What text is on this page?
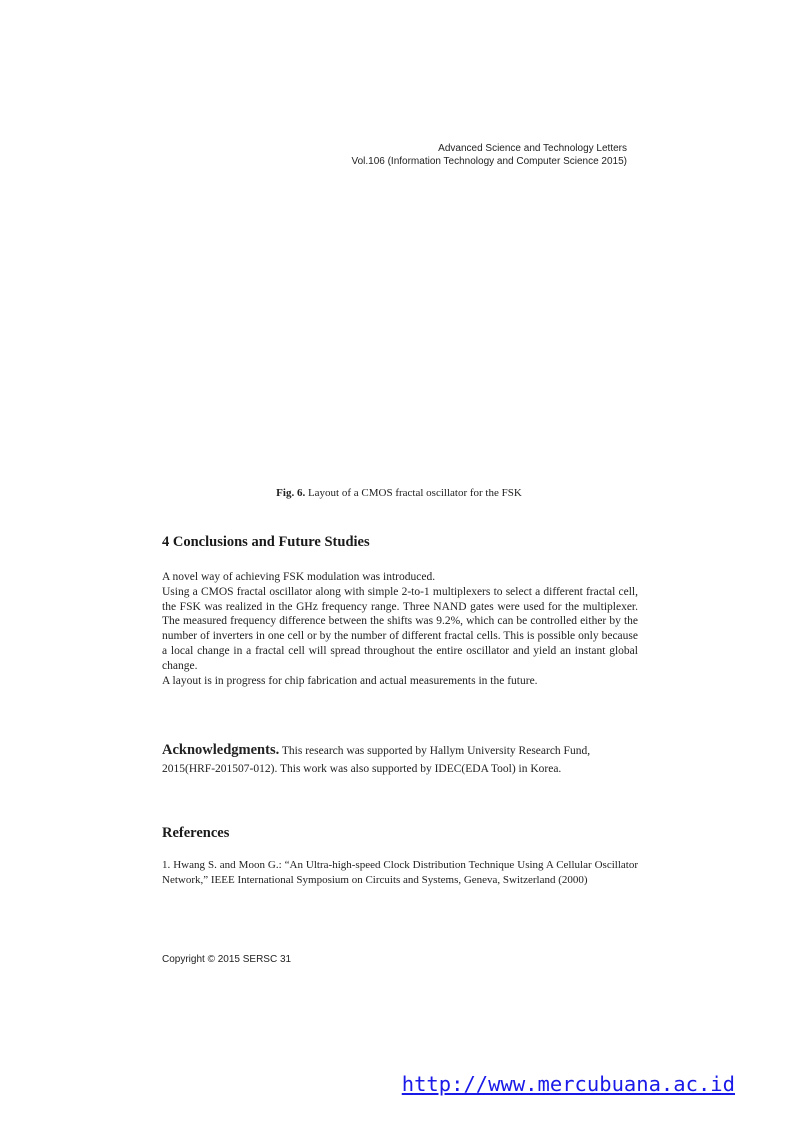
Advanced Science and Technology Letters
Vol.106 (Information Technology and Computer Science 2015)
Fig. 6. Layout of a CMOS fractal oscillator for the FSK
4 Conclusions and Future Studies

A novel way of achieving FSK modulation was introduced.

Using a CMOS fractal oscillator along with simple 2-to-1 multiplexers to select a different fractal cell, the FSK was realized in the GHz frequency range. Three NAND gates were used for the multiplexer. The measured frequency difference between the shifts was 9.2%, which can be controlled either by the number of inverters in one cell or by the number of different fractal cells. This is possible only because a local change in a fractal cell will spread throughout the entire oscillator and yield an instant global change.

A layout is in progress for chip fabrication and actual measurements in the future.

Acknowledgments. This research was supported by Hallym University Research Fund, 2015(HRF-201507-012). This work was also supported by IDEC(EDA Tool) in Korea.
References
1. Hwang S. and Moon G.: “An Ultra-high-speed Clock Distribution Technique Using A Cellular Oscillator Network,” IEEE International Symposium on Circuits and Systems, Geneva, Switzerland (2000)
Copyright © 2015 SERSC 31
http://www.mercubuana.ac.id
